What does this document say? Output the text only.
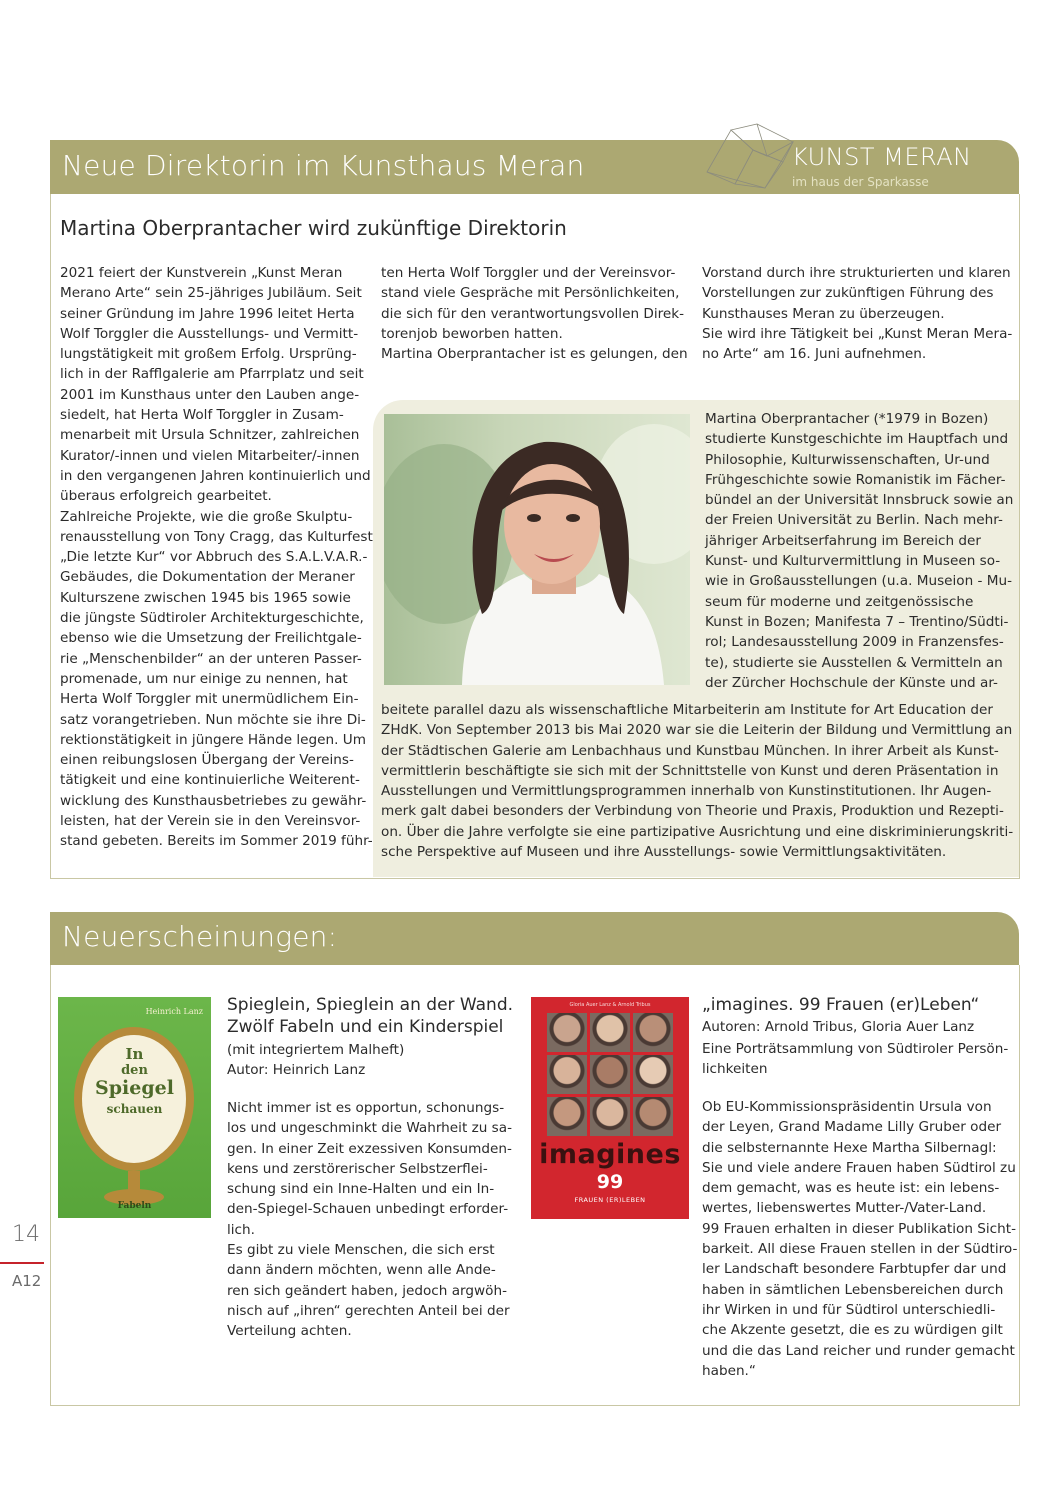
Neue Direktorin im Kunsthaus Meran	KUNST MERAN
im haus der Sparkasse
Martina Oberprantacher wird zukünftige Direktorin
2021 feiert der Kunstverein „Kunst Meran
Merano Arte“ sein 25-jähriges Jubiläum. Seit
seiner Gründung im Jahre 1996 leitet Herta
Wolf Torggler die Ausstellungs- und Vermitt-
lungstätigkeit mit großem Erfolg. Ursprüng-
lich in der Rafflgalerie am Pfarrplatz und seit
2001 im Kunsthaus unter den Lauben ange-
siedelt, hat Herta Wolf Torggler in Zusam-
menarbeit mit Ursula Schnitzer, zahlreichen
Kurator/-innen und vielen Mitarbeiter/-innen
in den vergangenen Jahren kontinuierlich und
überaus erfolgreich gearbeitet.
Zahlreiche Projekte, wie die große Skulptu-
renausstellung von Tony Cragg, das Kulturfest
„Die letzte Kur“ vor Abbruch des S.A.L.V.A.R.-
Gebäudes, die Dokumentation der Meraner
Kulturszene zwischen 1945 bis 1965 sowie
die jüngste Südtiroler Architekturgeschichte,
ebenso wie die Umsetzung der Freilichtgale-
rie „Menschenbilder“ an der unteren Passer-
promenade, um nur einige zu nennen, hat
Herta Wolf Torggler mit unermüdlichem Ein-
satz vorangetrieben. Nun möchte sie ihre Di-
rektionstätigkeit in jüngere Hände legen. Um
einen reibungslosen Übergang der Vereins-
tätigkeit und eine kontinuierliche Weiterent-
wicklung des Kunsthausbetriebes zu gewähr-
leisten, hat der Verein sie in den Vereinsvor-
stand gebeten. Bereits im Sommer 2019 führ-
ten Herta Wolf Torggler und der Vereinsvor-
stand viele Gespräche mit Persönlichkeiten,
die sich für den verantwortungsvollen Direk-
torenjob beworben hatten.
Martina Oberprantacher ist es gelungen, den
Vorstand durch ihre strukturierten und klaren
Vorstellungen zur zukünftigen Führung des
Kunsthauses Meran zu überzeugen.
Sie wird ihre Tätigkeit bei „Kunst Meran Mera-
no Arte“ am 16. Juni aufnehmen.
Martina Oberprantacher (*1979 in Bozen)
studierte Kunstgeschichte im Hauptfach und
Philosophie, Kulturwissenschaften, Ur-und
Frühgeschichte sowie Romanistik im Fächer-
bündel an der Universität Innsbruck sowie an
der Freien Universität zu Berlin. Nach mehr-
jähriger Arbeitserfahrung im Bereich der
Kunst- und Kulturvermittlung in Museen so-
wie in Großausstellungen (u.a. Museion - Mu-
seum für moderne und zeitgenössische
Kunst in Bozen; Manifesta 7 – Trentino/Südti-
rol; Landesausstellung 2009 in Franzensfes-
te), studierte sie Ausstellen & Vermitteln an
der Zürcher Hochschule der Künste und ar-
beitete parallel dazu als wissenschaftliche Mitarbeiterin am Institute for Art Education der
ZHdK. Von September 2013 bis Mai 2020 war sie die Leiterin der Bildung und Vermittlung an
der Städtischen Galerie am Lenbachhaus und Kunstbau München. In ihrer Arbeit als Kunst-
vermittlerin beschäftigte sie sich mit der Schnittstelle von Kunst und deren Präsentation in
Ausstellungen und Vermittlungsprogrammen innerhalb von Kunstinstitutionen. Ihr Augen-
merk galt dabei besonders der Verbindung von Theorie und Praxis, Produktion und Rezepti-
on. Über die Jahre verfolgte sie eine partizipative Ausrichtung und eine diskriminierungskriti-
sche Perspektive auf Museen und ihre Ausstellungs- sowie Vermittlungsaktivitäten.
Neuerscheinungen:
Heinrich Lanz
In
den
Spiegel
schauen
Fabeln
Spieglein, Spieglein an der Wand.
Zwölf Fabeln und ein Kinderspiel
(mit integriertem Malheft)
Autor: Heinrich Lanz
Nicht immer ist es opportun, schonungs-
los und ungeschminkt die Wahrheit zu sa-
gen. In einer Zeit exzessiven Konsumden-
kens und zerstörerischer Selbstzerflei-
schung sind ein Inne-Halten und ein In-
den-Spiegel-Schauen unbedingt erforder-
lich.
Es gibt zu viele Menschen, die sich erst
dann ändern möchten, wenn alle Ande-
ren sich geändert haben, jedoch argwöh-
nisch auf „ihren“ gerechten Anteil bei der
Verteilung achten.
Gloria Auer Lanz & Arnold Tribus
imagines
99
FRAUEN (ER)LEBEN
„imagines. 99 Frauen (er)Leben“
Autoren: Arnold Tribus, Gloria Auer Lanz
Eine Porträtsammlung von Südtiroler Persön-
lichkeiten
Ob EU-Kommissionspräsidentin Ursula von
der Leyen, Grand Madame Lilly Gruber oder
die selbsternannte Hexe Martha Silbernagl:
Sie und viele andere Frauen haben Südtirol zu
dem gemacht, was es heute ist: ein lebens-
wertes, liebenswertes Mutter-/Vater-Land.
99 Frauen erhalten in dieser Publikation Sicht-
barkeit. All diese Frauen stellen in der Südtiro-
ler Landschaft besondere Farbtupfer dar und
haben in sämtlichen Lebensbereichen durch
ihr Wirken in und für Südtirol unterschiedli-
che Akzente gesetzt, die es zu würdigen gilt
und die das Land reicher und runder gemacht
haben.“
14
A12
